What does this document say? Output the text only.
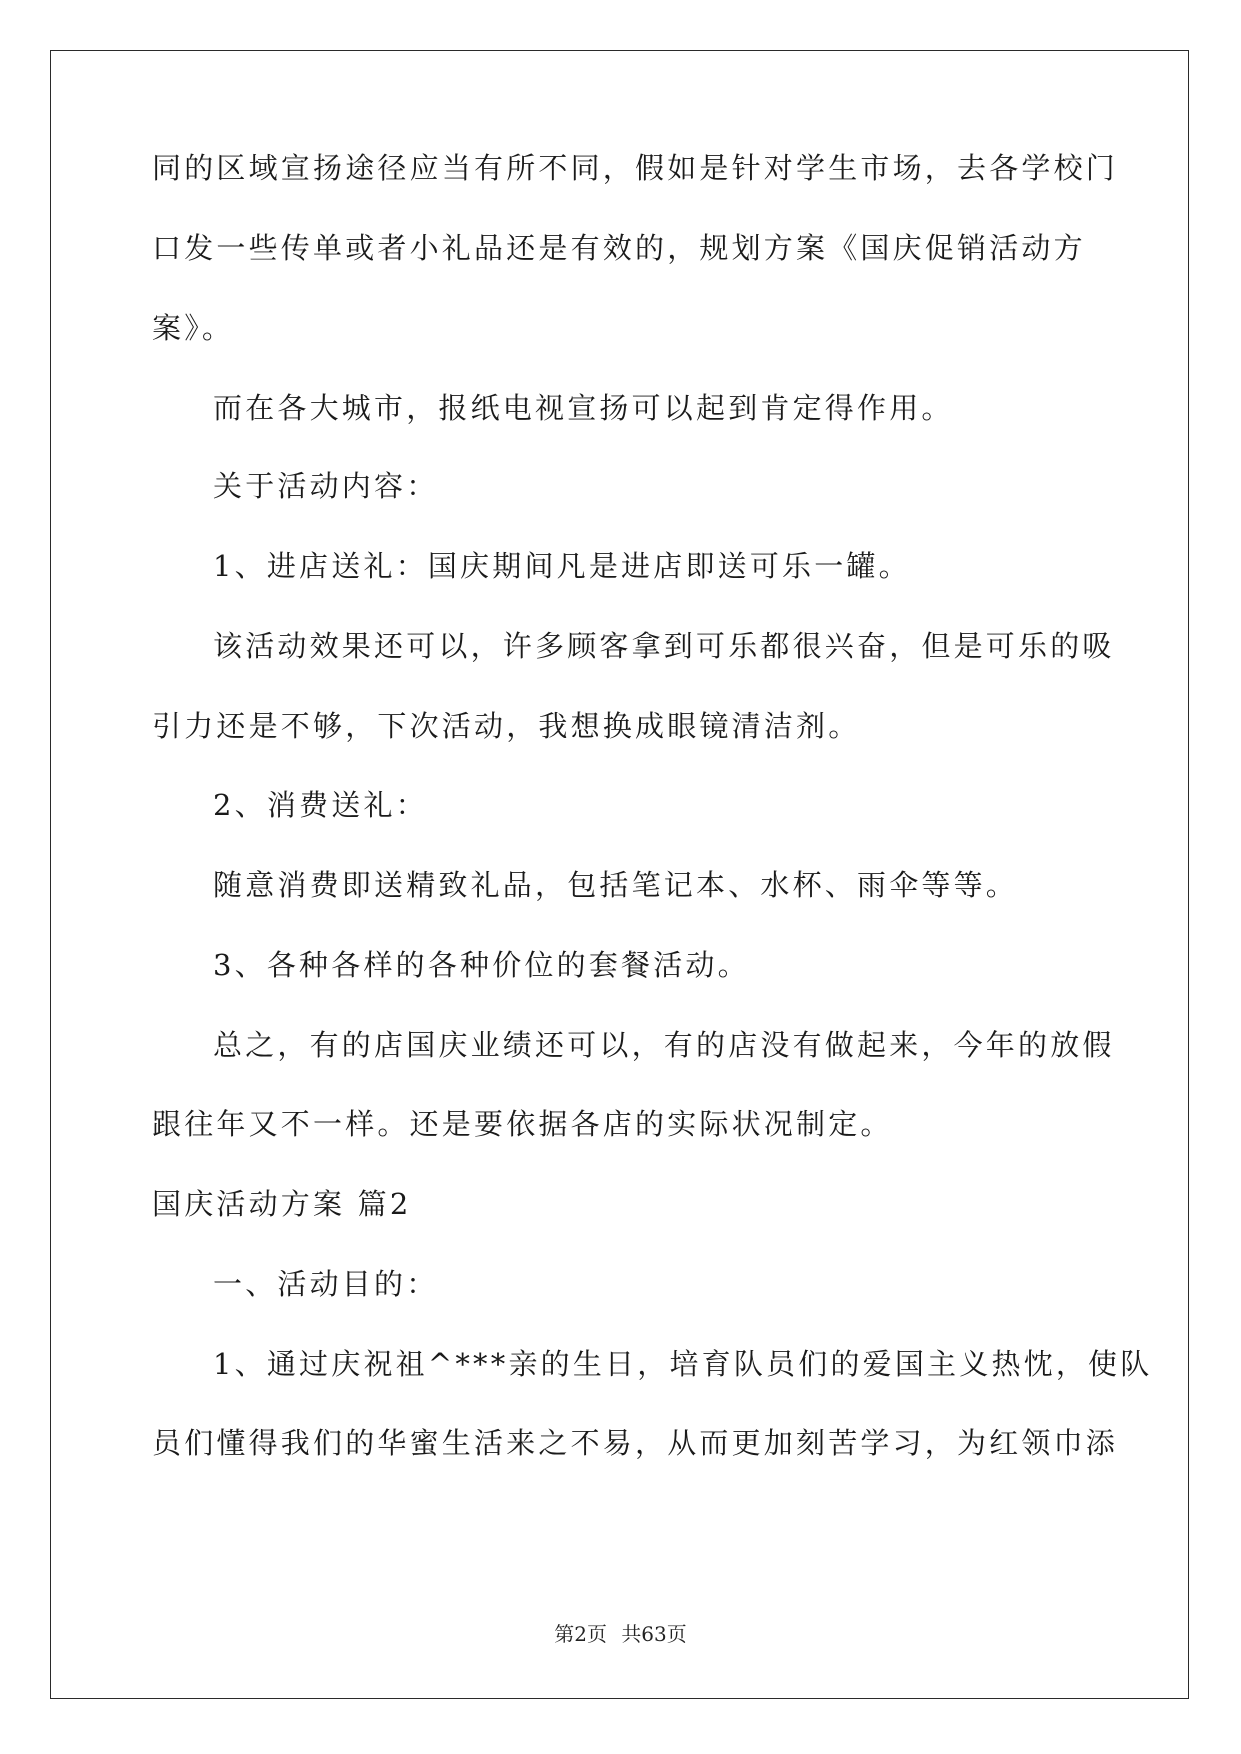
同的区域宣扬途径应当有所不同，假如是针对学生市场，去各学校门
口发一些传单或者小礼品还是有效的，规划方案《国庆促销活动方
案》。
而在各大城市，报纸电视宣扬可以起到肯定得作用。
关于活动内容：
1、进店送礼：国庆期间凡是进店即送可乐一罐。
该活动效果还可以，许多顾客拿到可乐都很兴奋，但是可乐的吸
引力还是不够，下次活动，我想换成眼镜清洁剂。
2、消费送礼：
随意消费即送精致礼品，包括笔记本、水杯、雨伞等等。
3、各种各样的各种价位的套餐活动。
总之，有的店国庆业绩还可以，有的店没有做起来，今年的放假
跟往年又不一样。还是要依据各店的实际状况制定。
国庆活动方案 篇2
一、活动目的：
1、通过庆祝祖^***亲的生日，培育队员们的爱国主义热忱，使队
员们懂得我们的华蜜生活来之不易，从而更加刻苦学习，为红领巾添
第2页 共63页
